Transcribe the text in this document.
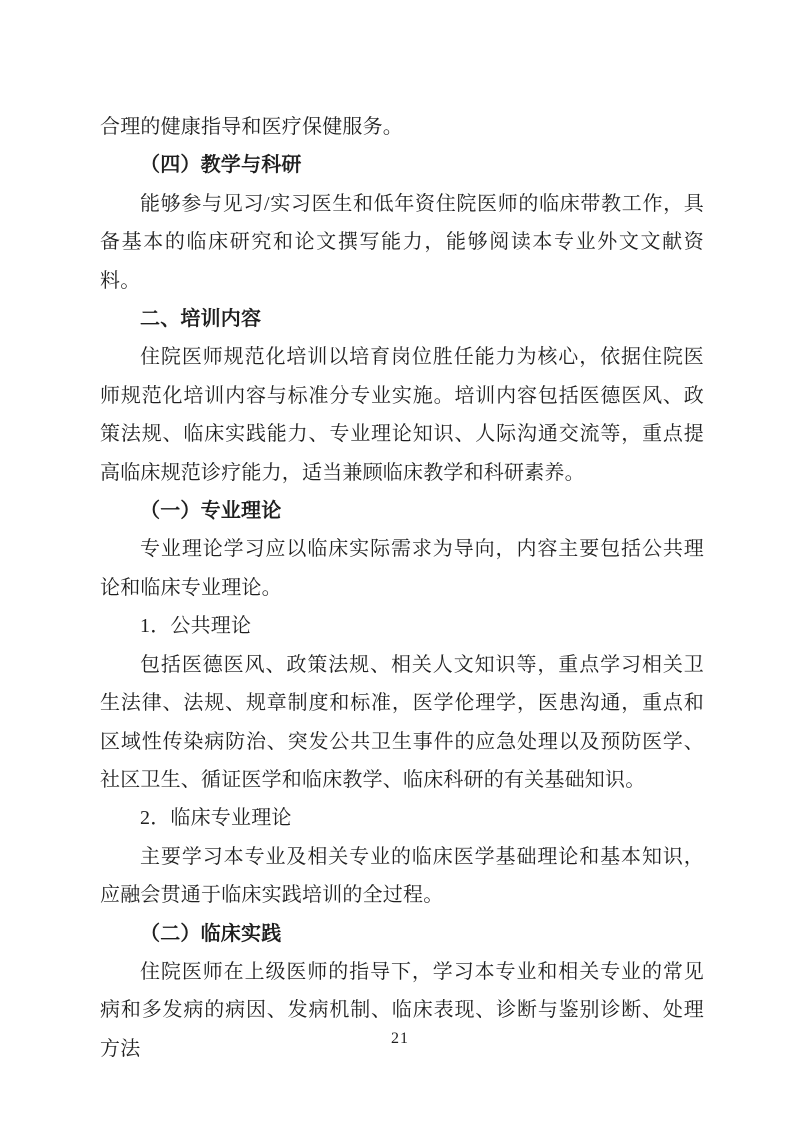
合理的健康指导和医疗保健服务。

（四）教学与科研

能够参与见习/实习医生和低年资住院医师的临床带教工作，具备基本的临床研究和论文撰写能力，能够阅读本专业外文文献资料。

二、培训内容

住院医师规范化培训以培育岗位胜任能力为核心，依据住院医师规范化培训内容与标准分专业实施。培训内容包括医德医风、政策法规、临床实践能力、专业理论知识、人际沟通交流等，重点提高临床规范诊疗能力，适当兼顾临床教学和科研素养。

（一）专业理论

专业理论学习应以临床实际需求为导向，内容主要包括公共理论和临床专业理论。

1．公共理论

包括医德医风、政策法规、相关人文知识等，重点学习相关卫生法律、法规、规章制度和标准，医学伦理学，医患沟通，重点和区域性传染病防治、突发公共卫生事件的应急处理以及预防医学、社区卫生、循证医学和临床教学、临床科研的有关基础知识。

2．临床专业理论

主要学习本专业及相关专业的临床医学基础理论和基本知识，应融会贯通于临床实践培训的全过程。

（二）临床实践

住院医师在上级医师的指导下，学习本专业和相关专业的常见病和多发病的病因、发病机制、临床表现、诊断与鉴别诊断、处理方法	21
